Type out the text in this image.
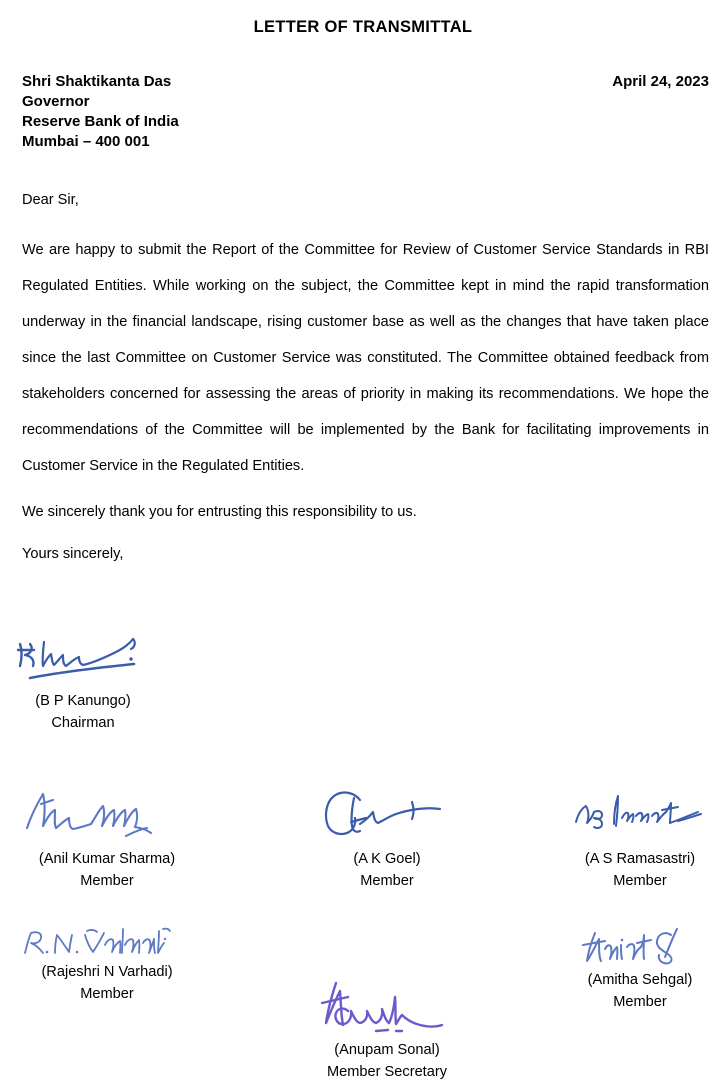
LETTER OF TRANSMITTAL
Shri Shaktikanta Das
Governor
Reserve Bank of India
Mumbai – 400 001
April 24, 2023

Dear Sir,

We are happy to submit the Report of the Committee for Review of Customer Service Standards in RBI Regulated Entities. While working on the subject, the Committee kept in mind the rapid transformation underway in the financial landscape, rising customer base as well as the changes that have taken place since the last Committee on Customer Service was constituted. The Committee obtained feedback from stakeholders concerned for assessing the areas of priority in making its recommendations. We hope the recommendations of the Committee will be implemented by the Bank for facilitating improvements in Customer Service in the Regulated Entities.

We sincerely thank you for entrusting this responsibility to us.

Yours sincerely,

(B P Kanungo)
Chairman
(Anil Kumar Sharma)
Member
(A K Goel)
Member
(A S Ramasastri)
Member
(Rajeshri N Varhadi)
Member
(Amitha Sehgal)
Member
(Anupam Sonal)
Member Secretary
